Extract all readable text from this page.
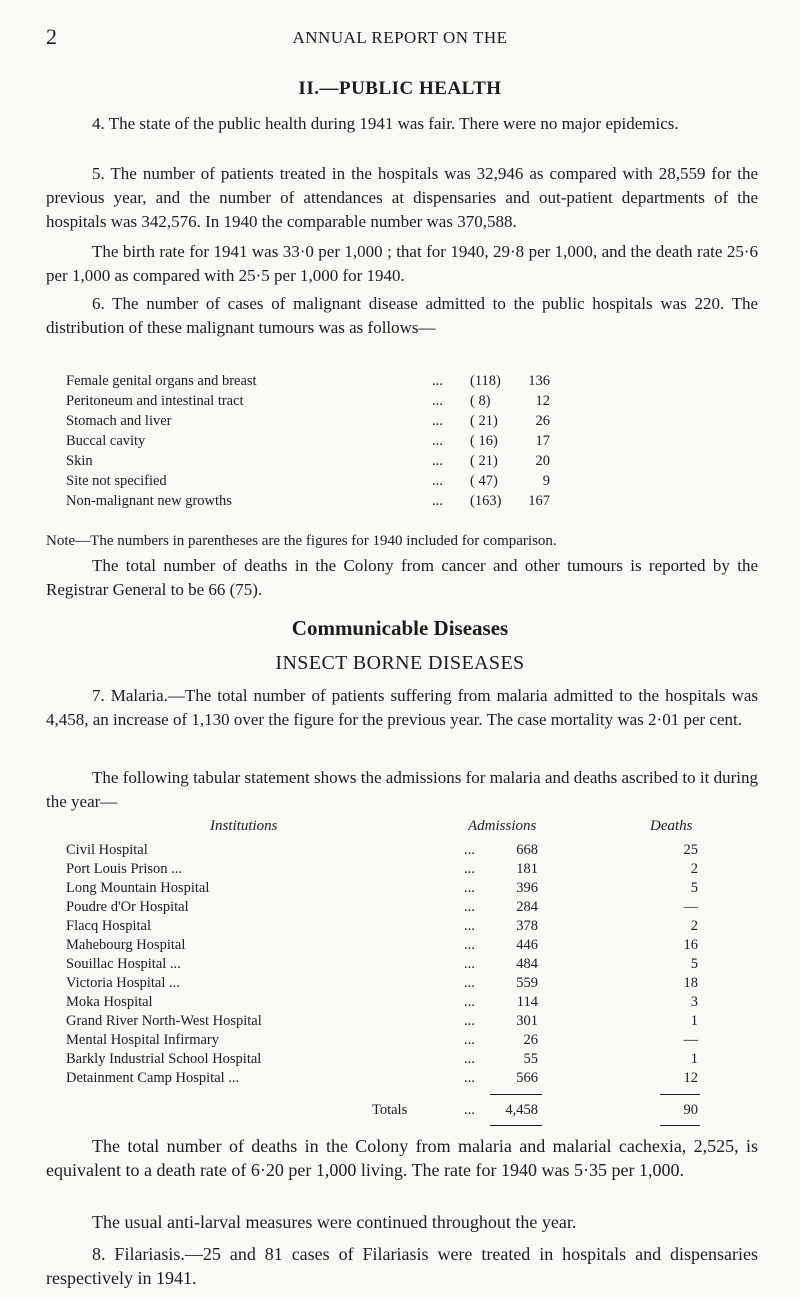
2	ANNUAL REPORT ON THE
II.—PUBLIC HEALTH
4. The state of the public health during 1941 was fair. There were no major epidemics.
5. The number of patients treated in the hospitals was 32,946 as compared with 28,559 for the previous year, and the number of attendances at dispensaries and out-patient departments of the hospitals was 342,576. In 1940 the comparable number was 370,588.
The birth rate for 1941 was 33·0 per 1,000 ; that for 1940, 29·8 per 1,000, and the death rate 25·6 per 1,000 as compared with 25·5 per 1,000 for 1940.
6. The number of cases of malignant disease admitted to the public hospitals was 220. The distribution of these malignant tumours was as follows—
Female genital organs and breast	... (118) 136
Peritoneum and intestinal tract	... ( 8)	12
Stomach and liver	... ( 21)	26
Buccal cavity	... ( 16)	17
Skin	... ( 21)	20
Site not specified	... ( 47)	9
Non-malignant new growths	... (163) 167
Note—The numbers in parentheses are the figures for 1940 included for comparison.
The total number of deaths in the Colony from cancer and other tumours is reported by the Registrar General to be 66 (75).
Communicable Diseases
INSECT BORNE DISEASES
7. Malaria.—The total number of patients suffering from malaria admitted to the hospitals was 4,458, an increase of 1,130 over the figure for the previous year. The case mortality was 2·01 per cent.
The following tabular statement shows the admissions for malaria and deaths ascribed to it during the year—
Institutions	Admissions	Deaths
Civil Hospital	...	668	25
Port Louis Prison ...	...	181	2
Long Mountain Hospital	...	396	5
Poudre d'Or Hospital	...	284	—
Flacq Hospital	...	378	2
Mahebourg Hospital	...	446	16
Souillac Hospital ...	...	484	5
Victoria Hospital ...	...	559	18
Moka Hospital	...	114	3
Grand River North-West Hospital	...	301	1
Mental Hospital Infirmary	...	26	—
Barkly Industrial School Hospital	...	55	1
Detainment Camp Hospital ...	...	566	12
Totals	...	4,458	90
The total number of deaths in the Colony from malaria and malarial cachexia, 2,525, is equivalent to a death rate of 6·20 per 1,000 living. The rate for 1940 was 5·35 per 1,000.
The usual anti-larval measures were continued throughout the year.
8. Filariasis.—25 and 81 cases of Filariasis were treated in hospitals and dispensaries respectively in 1941.
